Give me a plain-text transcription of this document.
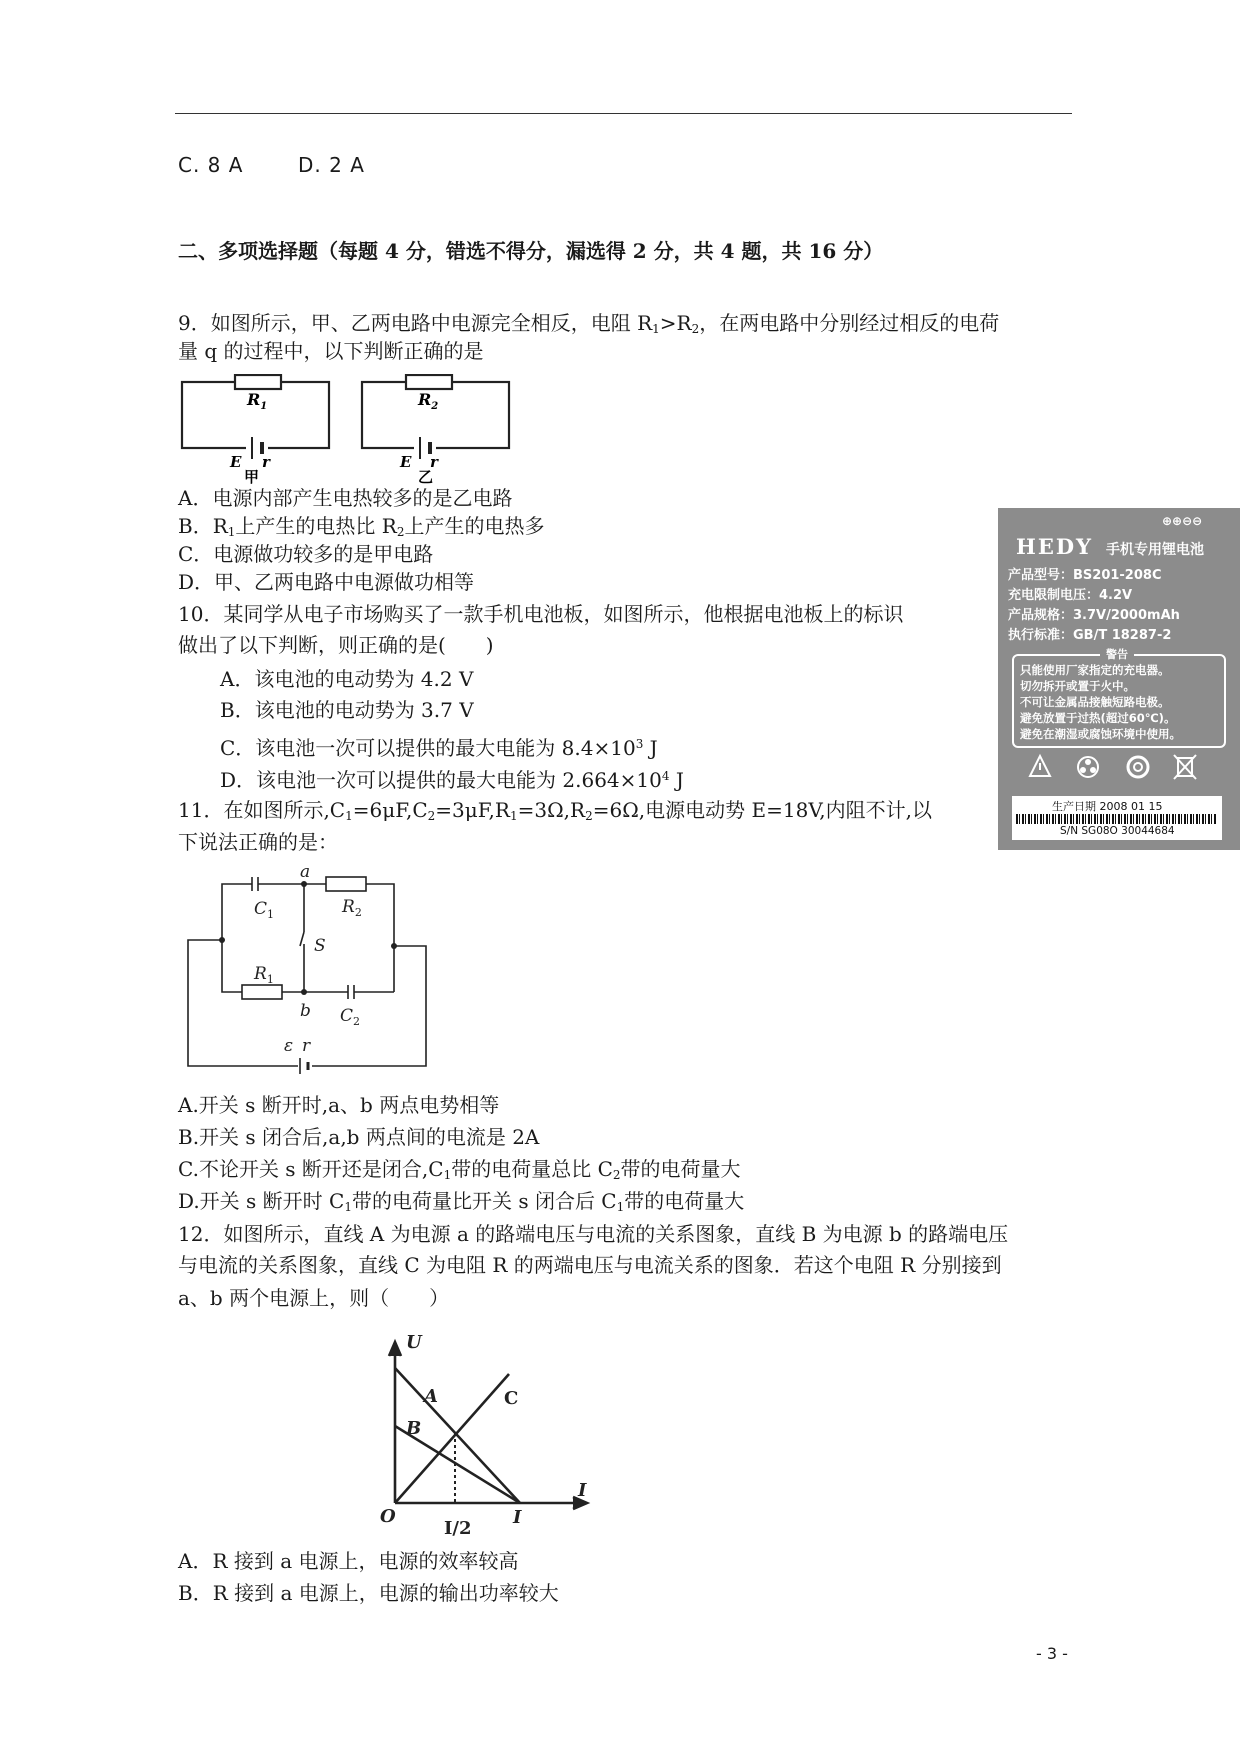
C. 8 A	D. 2 A
二、多项选择题（每题 4 分，错选不得分，漏选得 2 分，共 4 题，共 16 分）
9．如图所示，甲、乙两电路中电源完全相反，电阻 $R_1>R_2$，在两电路中分别经过相反的电荷
量 q 的过程中，以下判断正确的是
$R_1$
E r
甲
$R_2$
E r
乙
A．电源内部产生电热较多的是乙电路
B．$R_1$上产生的电热比 $R_2$上产生的电热多
C．电源做功较多的是甲电路
D．甲、乙两电路中电源做功相等
10．某同学从电子市场购买了一款手机电池板，如图所示，他根据电池板上的标识
做出了以下判断，则正确的是(　　)
A．该电池的电动势为 4.2 V
B．该电池的电动势为 3.7 V
C．该电池一次可以提供的最大电能为 $8.4\times 10^3$ J
D．该电池一次可以提供的最大电能为 $2.664\times 10^4$ J
⊕⊕⊖⊖
HEDY 手机专用锂电池
产品型号：BS201-208C
充电限制电压：4.2V
产品规格：3.7V/2000mAh
执行标准：GB/T 18287-2
警告
只能使用厂家指定的充电器。
切勿拆开或置于火中。
不可让金属品接触短路电极。
避免放置于过热(超过60℃)。
避免在潮湿或腐蚀环境中使用。
生产日期 2008 01 15
S/N SG08O 30044684
11．在如图所示$,C_1=6\mu F,C_2=3\mu F,R_1=3\Omega,R_2=6\Omega$,电源电动势 E=18V,内阻不计,以
下说法正确的是：
a
b
S
$C_1$	$R_2$
$R_1$
$C_2$
ε r
A.开关 s 断开时,a、b 两点电势相等
B.开关 s 闭合后,a,b 两点间的电流是 2A
C.不论开关 s 断开还是闭合$,C_1$带的电荷量总比 $C_2$带的电荷量大
D.开关 s 断开时 $C_1$带的电荷量比开关 s 闭合后 $C_1$带的电荷量大
12．如图所示，直线 A 为电源 a 的路端电压与电流的关系图象，直线 B 为电源 b 的路端电压
与电流的关系图象，直线 C 为电阻 R 的两端电压与电流关系的图象．若这个电阻 R 分别接到
a、b 两个电源上，则（　　）
U
I
O
A
B
C
I/2
I
A．R 接到 a 电源上，电源的效率较高
B．R 接到 a 电源上，电源的输出功率较大
- 3 -
